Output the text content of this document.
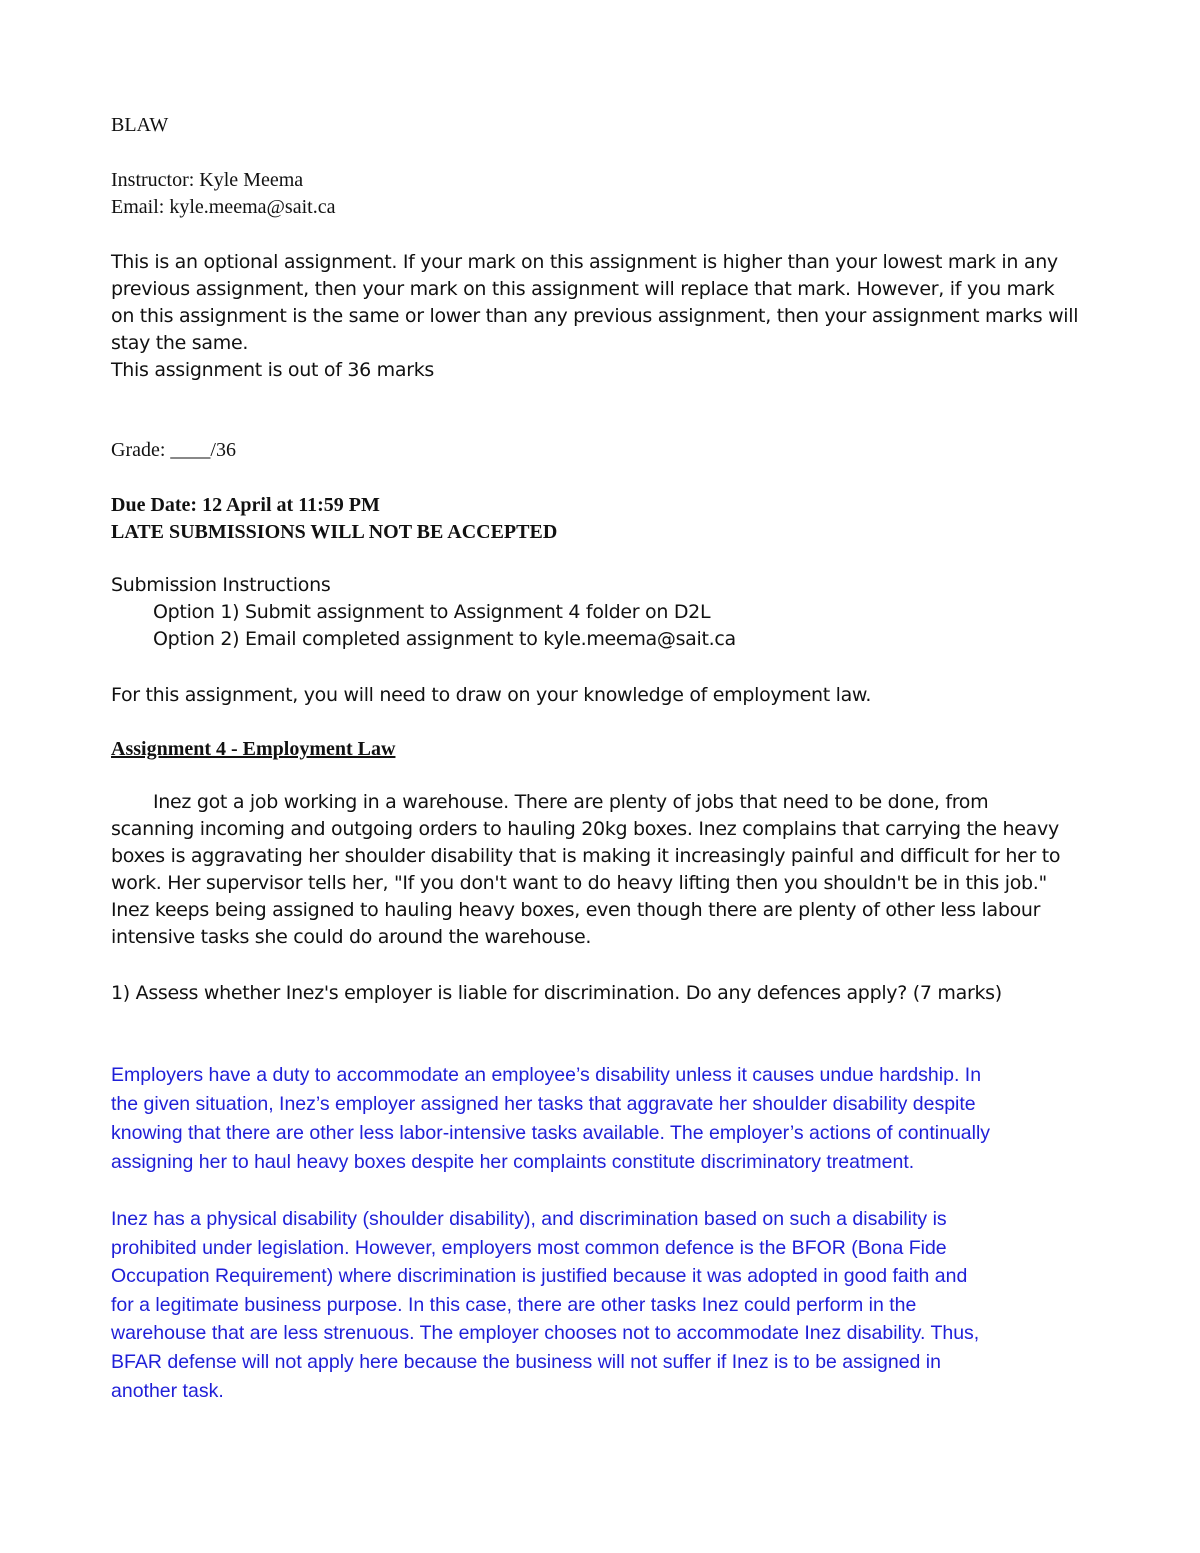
BLAW

Instructor: Kyle Meema

Email: kyle.meema@sait.ca

This is an optional assignment. If your mark on this assignment is higher than your lowest mark in any

previous assignment, then your mark on this assignment will replace that mark. However, if you mark

on this assignment is the same or lower than any previous assignment, then your assignment marks will

stay the same.

This assignment is out of 36 marks

Grade: ____/36

Due Date: 12 April at 11:59 PM

LATE SUBMISSIONS WILL NOT BE ACCEPTED

Submission Instructions

Option 1) Submit assignment to Assignment 4 folder on D2L

Option 2) Email completed assignment to kyle.meema@sait.ca

For this assignment, you will need to draw on your knowledge of employment law.

Assignment 4 - Employment Law

Inez got a job working in a warehouse. There are plenty of jobs that need to be done, from

scanning incoming and outgoing orders to hauling 20kg boxes. Inez complains that carrying the heavy

boxes is aggravating her shoulder disability that is making it increasingly painful and difficult for her to

work. Her supervisor tells her, "If you don't want to do heavy lifting then you shouldn't be in this job."

Inez keeps being assigned to hauling heavy boxes, even though there are plenty of other less labour

intensive tasks she could do around the warehouse.

1) Assess whether Inez's employer is liable for discrimination. Do any defences apply? (7 marks)

Employers have a duty to accommodate an employee’s disability unless it causes undue hardship. In

the given situation, Inez’s employer assigned her tasks that aggravate her shoulder disability despite

knowing that there are other less labor-intensive tasks available. The employer’s actions of continually

assigning her to haul heavy boxes despite her complaints constitute discriminatory treatment.

Inez has a physical disability (shoulder disability), and discrimination based on such a disability is

prohibited under legislation. However, employers most common defence is the BFOR (Bona Fide

Occupation Requirement) where discrimination is justified because it was adopted in good faith and

for a legitimate business purpose. In this case, there are other tasks Inez could perform in the

warehouse that are less strenuous. The employer chooses not to accommodate Inez disability. Thus,

BFAR defense will not apply here because the business will not suffer if Inez is to be assigned in

another task.
